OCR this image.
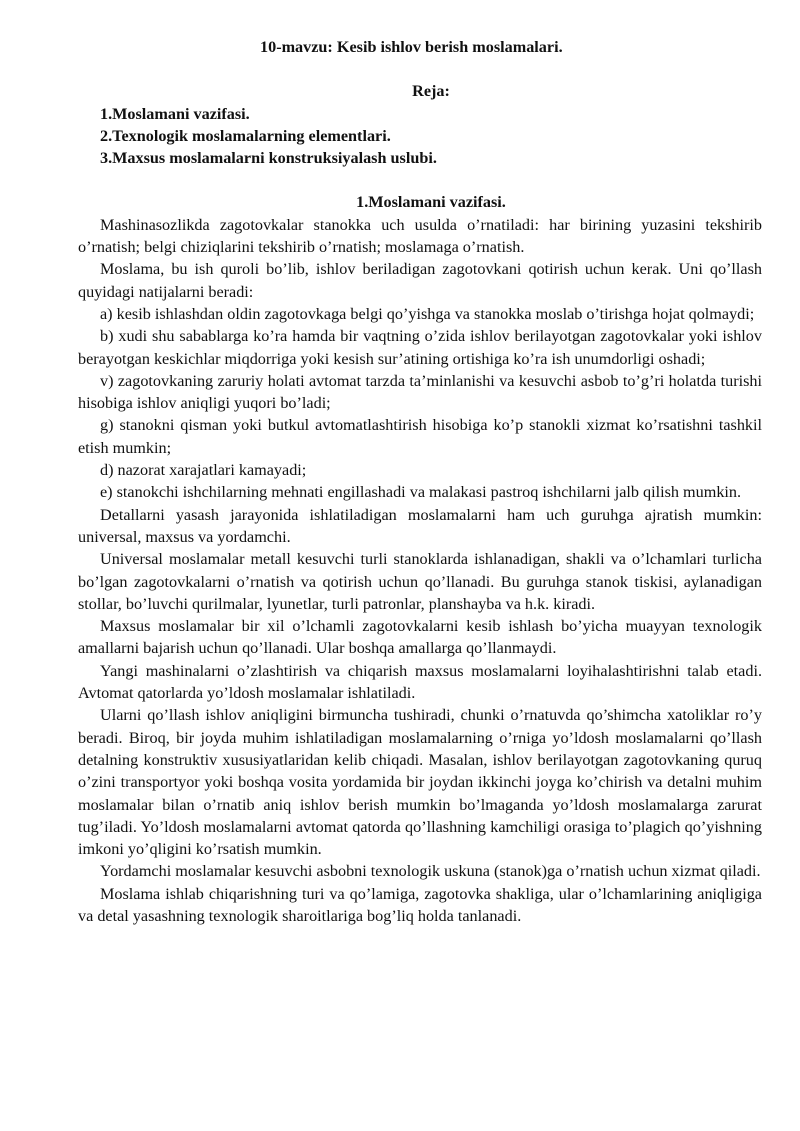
10-mavzu: Kesib ishlov berish moslamalari.
Reja:
1.Moslamani vazifasi.
2.Texnologik moslamalarning elementlari.
3.Maxsus moslamalarni konstruksiyalash uslubi.
1.Moslamani vazifasi.

Mashinasozlikda zagotovkalar stanokka uch usulda o’rnatiladi: har birining yuzasini tekshirib o’rnatish; belgi chiziqlarini tekshirib o’rnatish; moslamaga o’rnatish.

Moslama, bu ish quroli bo’lib, ishlov beriladigan zagotovkani qotirish uchun kerak. Uni qo’llash quyidagi natijalarni beradi:

a) kesib ishlashdan oldin zagotovkaga belgi qo’yishga va stanokka moslab o’tirishga hojat qolmaydi;

b) xudi shu sabablarga ko’ra hamda bir vaqtning o’zida ishlov berilayotgan zagotovkalar yoki ishlov berayotgan keskichlar miqdorriga yoki kesish sur’atining ortishiga ko’ra ish unumdorligi oshadi;

v) zagotovkaning zaruriy holati avtomat tarzda ta’minlanishi va kesuvchi asbob to’g’ri holatda turishi hisobiga ishlov aniqligi yuqori bo’ladi;

g) stanokni qisman yoki butkul avtomatlashtirish hisobiga ko’p stanokli xizmat ko’rsatishni tashkil etish mumkin;

d) nazorat xarajatlari kamayadi;

e) stanokchi ishchilarning mehnati engillashadi va malakasi pastroq ishchilarni jalb qilish mumkin.

Detallarni yasash jarayonida ishlatiladigan moslamalarni ham uch guruhga ajratish mumkin: universal, maxsus va yordamchi.

Universal moslamalar metall kesuvchi turli stanoklarda ishlanadigan, shakli va o’lchamlari turlicha bo’lgan zagotovkalarni o’rnatish va qotirish uchun qo’llanadi. Bu guruhga stanok tiskisi, aylanadigan stollar, bo’luvchi qurilmalar, lyunetlar, turli patronlar, planshayba va h.k. kiradi.

Maxsus moslamalar bir xil o’lchamli zagotovkalarni kesib ishlash bo’yicha muayyan texnologik amallarni bajarish uchun qo’llanadi. Ular boshqa amallarga qo’llanmaydi.

Yangi mashinalarni o’zlashtirish va chiqarish maxsus moslamalarni loyihalashtirishni talab etadi. Avtomat qatorlarda yo’ldosh moslamalar ishlatiladi.

Ularni qo’llash ishlov aniqligini birmuncha tushiradi, chunki o’rnatuvda qo’shimcha xatoliklar ro’y beradi. Biroq, bir joyda muhim ishlatiladigan moslamalarning o’rniga yo’ldosh moslamalarni qo’llash detalning konstruktiv xususiyatlaridan kelib chiqadi. Masalan, ishlov berilayotgan zagotovkaning quruq o’zini transportyor yoki boshqa vosita yordamida bir joydan ikkinchi joyga ko’chirish va detalni muhim moslamalar bilan o’rnatib aniq ishlov berish mumkin bo’lmaganda yo’ldosh moslamalarga zarurat tug’iladi. Yo’ldosh moslamalarni avtomat qatorda qo’llashning kamchiligi orasiga to’plagich qo’yishning imkoni yo’qligini ko’rsatish mumkin.

Yordamchi moslamalar kesuvchi asbobni texnologik uskuna (stanok)ga o’rnatish uchun xizmat qiladi.

Moslama ishlab chiqarishning turi va qo’lamiga, zagotovka shakliga, ular o’lchamlarining aniqligiga va detal yasashning texnologik sharoitlariga bog’liq holda tanlanadi.
